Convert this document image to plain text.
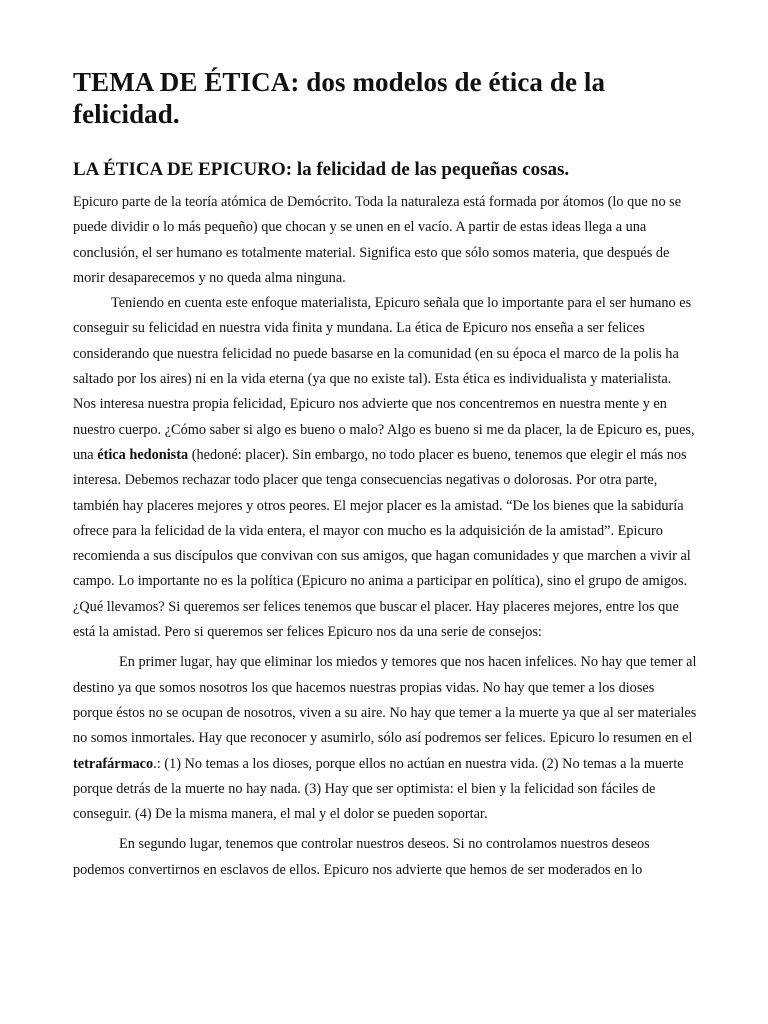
TEMA DE ÉTICA: dos modelos de ética de la felicidad.
LA ÉTICA DE EPICURO: la felicidad de las pequeñas cosas.

Epicuro parte de la teoría atómica de Demócrito. Toda la naturaleza está formada por átomos (lo que no se puede dividir o lo más pequeño) que chocan y se unen en el vacío. A partir de estas ideas llega a una conclusión, el ser humano es totalmente material. Significa esto que sólo somos materia, que después de morir desaparecemos y no queda alma ninguna.

Teniendo en cuenta este enfoque materialista, Epicuro señala que lo importante para el ser humano es conseguir su felicidad en nuestra vida finita y mundana. La ética de Epicuro nos enseña a ser felices considerando que nuestra felicidad no puede basarse en la comunidad (en su época el marco de la polis ha saltado por los aires) ni en la vida eterna (ya que no existe tal). Esta ética es individualista y materialista.

Nos interesa nuestra propia felicidad, Epicuro nos advierte que nos concentremos en nuestra mente y en nuestro cuerpo. ¿Cómo saber si algo es bueno o malo? Algo es bueno si me da placer, la de Epicuro es, pues, una ética hedonista (hedoné: placer). Sin embargo, no todo placer es bueno, tenemos que elegir el más nos interesa. Debemos rechazar todo placer que tenga consecuencias negativas o dolorosas. Por otra parte, también hay placeres mejores y otros peores. El mejor placer es la amistad. “De los bienes que la sabiduría ofrece para la felicidad de la vida entera, el mayor con mucho es la adquisición de la amistad”. Epicuro recomienda a sus discípulos que convivan con sus amigos, que hagan comunidades y que marchen a vivir al campo. Lo importante no es la política (Epicuro no anima a participar en política), sino el grupo de amigos.

¿Qué llevamos? Si queremos ser felices tenemos que buscar el placer. Hay placeres mejores, entre los que está la amistad. Pero si queremos ser felices Epicuro nos da una serie de consejos:

En primer lugar, hay que eliminar los miedos y temores que nos hacen infelices. No hay que temer al destino ya que somos nosotros los que hacemos nuestras propias vidas. No hay que temer a los dioses porque éstos no se ocupan de nosotros, viven a su aire. No hay que temer a la muerte ya que al ser materiales no somos inmortales. Hay que reconocer y asumirlo, sólo así podremos ser felices. Epicuro lo resumen en el tetrafármaco.: (1) No temas a los dioses, porque ellos no actúan en nuestra vida. (2) No temas a la muerte porque detrás de la muerte no hay nada. (3) Hay que ser optimista: el bien y la felicidad son fáciles de conseguir. (4) De la misma manera, el mal y el dolor se pueden soportar.

En segundo lugar, tenemos que controlar nuestros deseos. Si no controlamos nuestros deseos podemos convertirnos en esclavos de ellos. Epicuro nos advierte que hemos de ser moderados en lo
